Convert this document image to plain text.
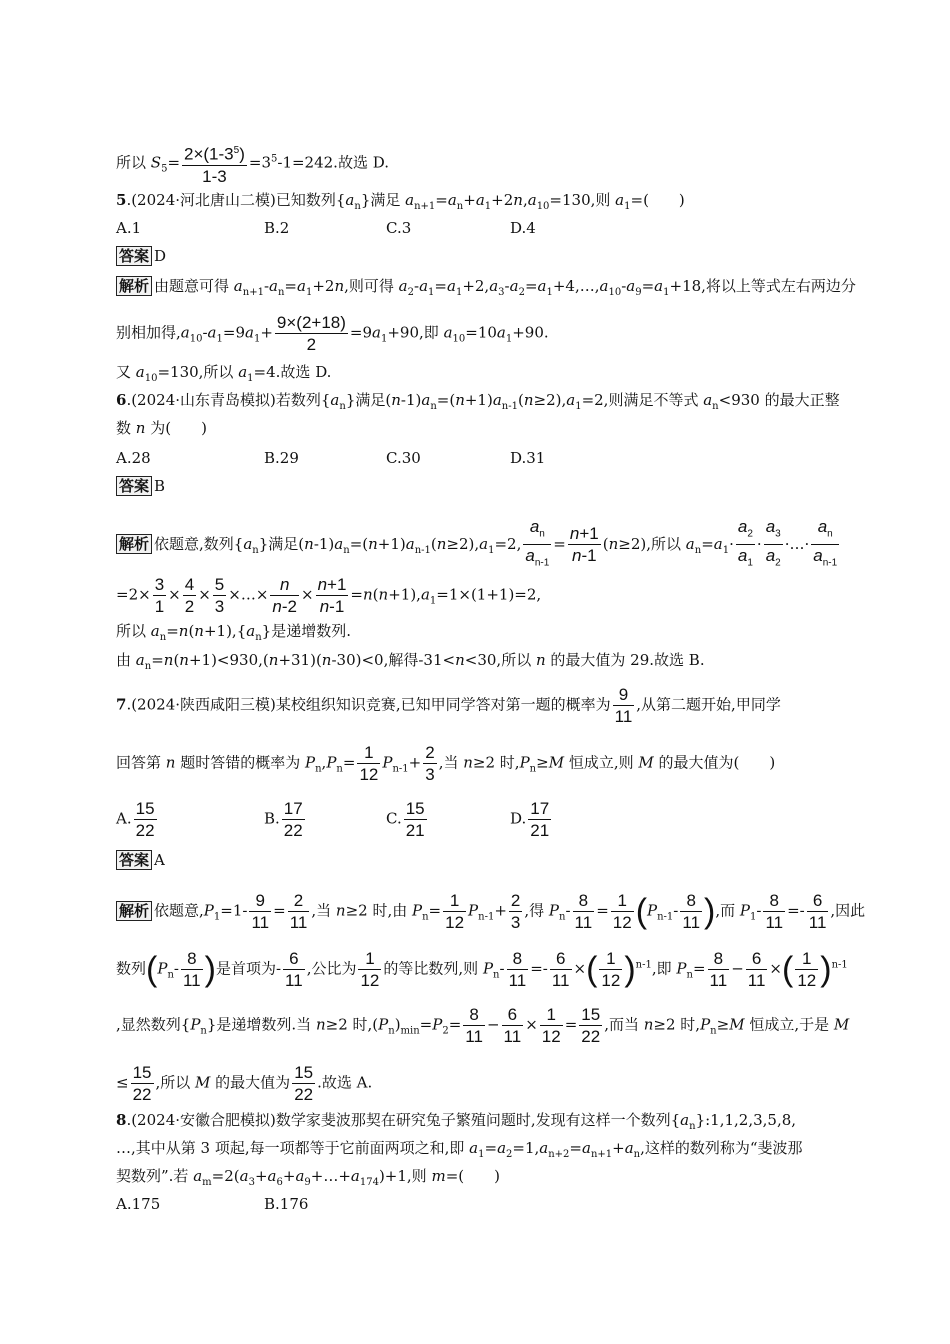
所以 $S_5= \frac{2\times(1-3^5)}{1-3} =3^5-1=242$.故选 D.
5.(2024·河北唐山二模)已知数列$\{a_n\}$满足 $a_{n+1}=a_n+a_1+2n,a_{10}=130$,则 $a_1=$(　　)
A.1	B.2	C.3	D.4
答案 D
解析 由题意可得 $a_{n+1}-a_n=a_1+2n$,则可得 $a_2-a_1=a_1+2,a_3-a_2=a_1+4,\dots,a_{10}-a_9=a_1+18$,将以上等式左右两边分
别相加得$,a_{10}-a_1=9a_1+ \frac{9\times(2+18)}{2} =9a_1+90$,即 $a_{10}=10a_1+90$.
又 $a_{10}=130$,所以 $a_1=4$.故选 D.
6.(2024·山东青岛模拟)若数列$\{a_n\}$满足$(n-1)a_n=(n+1)a_{n-1}(n\ge 2),a_1=2$,则满足不等式 $a_n<930$ 的最大正整
数 n 为(　　)
A.28	B.29	C.30	D.31
答案 B
解析 依题意,数列$\{a_n\}$满足$(n-1)a_n=(n+1)a_{n-1}(n\ge 2),a_1=2$, $\frac{a_n}{a_{n-1}} = \frac{n+1}{n-1} (n\ge 2)$,所以 $a_n=a_1\cdot \frac{a_2}{a_1} \cdot \frac{a_3}{a_2}$ ·…· $\frac{a_n}{a_{n-1}}$
$=2\times \frac{3}{1} \times \frac{4}{2} \times \frac{5}{3}$ ×…× $\frac{n}{n-2} \times \frac{n+1}{n-1} =n(n+1),a_1=1\times(1+1)=2$,
所以 $a_n=n(n+1),\{a_n\}$是递增数列.
由 $a_n=n(n+1)<930,(n+31)(n-30)<0$,解得-31<n<30,所以 n 的最大值为 29.故选 B.
7.(2024·陕西咸阳三模)某校组织知识竞赛,已知甲同学答对第一题的概率为 $\frac{9}{11}$ ,从第二题开始,甲同学
回答第 n 题时答错的概率为 $P_n,P_n= \frac{1}{12} P_{n-1}+ \frac{2}{3}$ ,当 n≥2 时$,P_n\ge M$ 恒成立,则 M 的最大值为(　　)
A. $\frac{15}{22}$	B. $\frac{17}{22}$	C. $\frac{15}{21}$	D. $\frac{17}{21}$
答案 A
解析 依题意$,P_1=1- \frac{9}{11} = \frac{2}{11}$ ,当 n≥2 时,由 $P_n= \frac{1}{12} P_{n-1}+ \frac{2}{3}$ ,得 $P_n- \frac{8}{11} = \frac{1}{12} (P_{n-1}- \frac{8}{11}$ ),而 $P_1- \frac{8}{11} =- \frac{6}{11}$ ,因此
数列($P_n- \frac{8}{11}$ )是首项为- $\frac{6}{11}$ ,公比为 $\frac{1}{12}$ 的等比数列,则 $P_n- \frac{8}{11} =- \frac{6}{11}$ ×( $\frac{1}{12} )^{n-1}$,即 $P_n= \frac{8}{11} - \frac{6}{11}$ ×( $\frac{1}{12} )^{n-1}$
,显然数列$\{P_n\}$是递增数列.当 n≥2 时$,(P_n)_{min}=P_2= \frac{8}{11} - \frac{6}{11} \times \frac{1}{12} = \frac{15}{22}$ ,而当 n≥2 时$,P_n\ge M$ 恒成立,于是 M
≤ $\frac{15}{22}$ ,所以 M 的最大值为 $\frac{15}{22}$ .故选 A.
8.(2024·安徽合肥模拟)数学家斐波那契在研究兔子繁殖问题时,发现有这样一个数列$\{a_n\}:1,1,2,3,5,8$,
…,其中从第 3 项起,每一项都等于它前面两项之和,即 $a_1=a_2=1,a_{n+2}=a_{n+1}+a_n$,这样的数列称为“斐波那
契数列”.若 $a_m=2(a_3+a_6+a_9+\dots+a_{174})+1$,则 m=(　　)
A.175	B.176
